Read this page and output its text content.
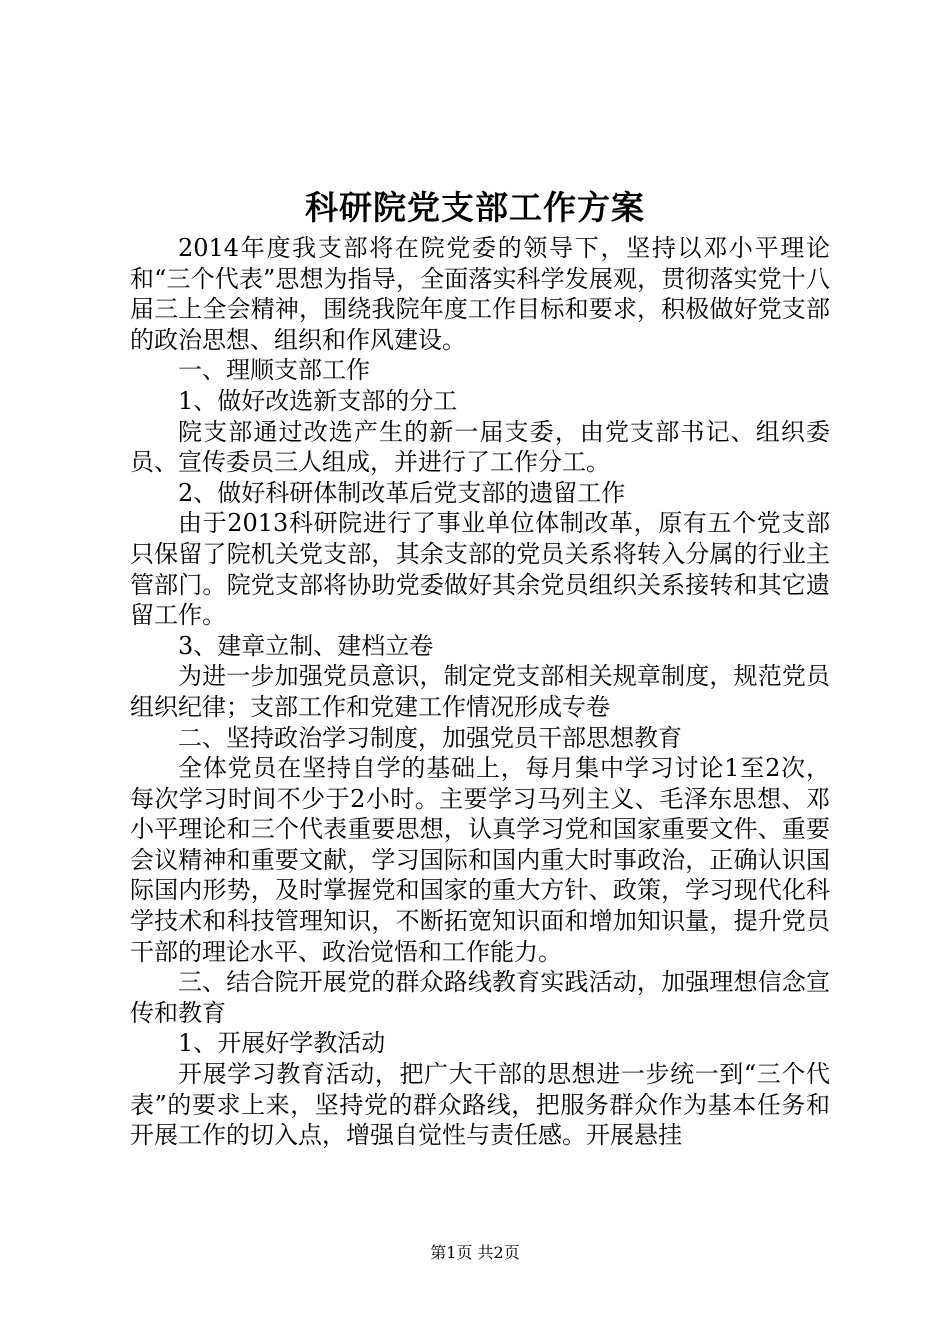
科研院党支部工作方案

2014年度我支部将在院党委的领导下，坚持以邓小平理论和“三个代表”思想为指导，全面落实科学发展观，贯彻落实党十八届三上全会精神，围绕我院年度工作目标和要求，积极做好党支部的政治思想、组织和作风建设。

一、理顺支部工作

1、做好改选新支部的分工

院支部通过改选产生的新一届支委，由党支部书记、组织委员、宣传委员三人组成，并进行了工作分工。

2、做好科研体制改革后党支部的遗留工作

由于2013科研院进行了事业单位体制改革，原有五个党支部只保留了院机关党支部，其余支部的党员关系将转入分属的行业主管部门。院党支部将协助党委做好其余党员组织关系接转和其它遗留工作。

3、建章立制、建档立卷

为进一步加强党员意识，制定党支部相关规章制度，规范党员组织纪律；支部工作和党建工作情况形成专卷

二、坚持政治学习制度，加强党员干部思想教育

全体党员在坚持自学的基础上，每月集中学习讨论1至2次，每次学习时间不少于2小时。主要学习马列主义、毛泽东思想、邓小平理论和三个代表重要思想，认真学习党和国家重要文件、重要会议精神和重要文献，学习国际和国内重大时事政治，正确认识国际国内形势，及时掌握党和国家的重大方针、政策，学习现代化科学技术和科技管理知识，不断拓宽知识面和增加知识量，提升党员干部的理论水平、政治觉悟和工作能力。

三、结合院开展党的群众路线教育实践活动，加强理想信念宣传和教育

1、开展好学教活动

开展学习教育活动，把广大干部的思想进一步统一到“三个代表”的要求上来，坚持党的群众路线，把服务群众作为基本任务和开展工作的切入点，增强自觉性与责任感。开展悬挂

第1页 共2页
